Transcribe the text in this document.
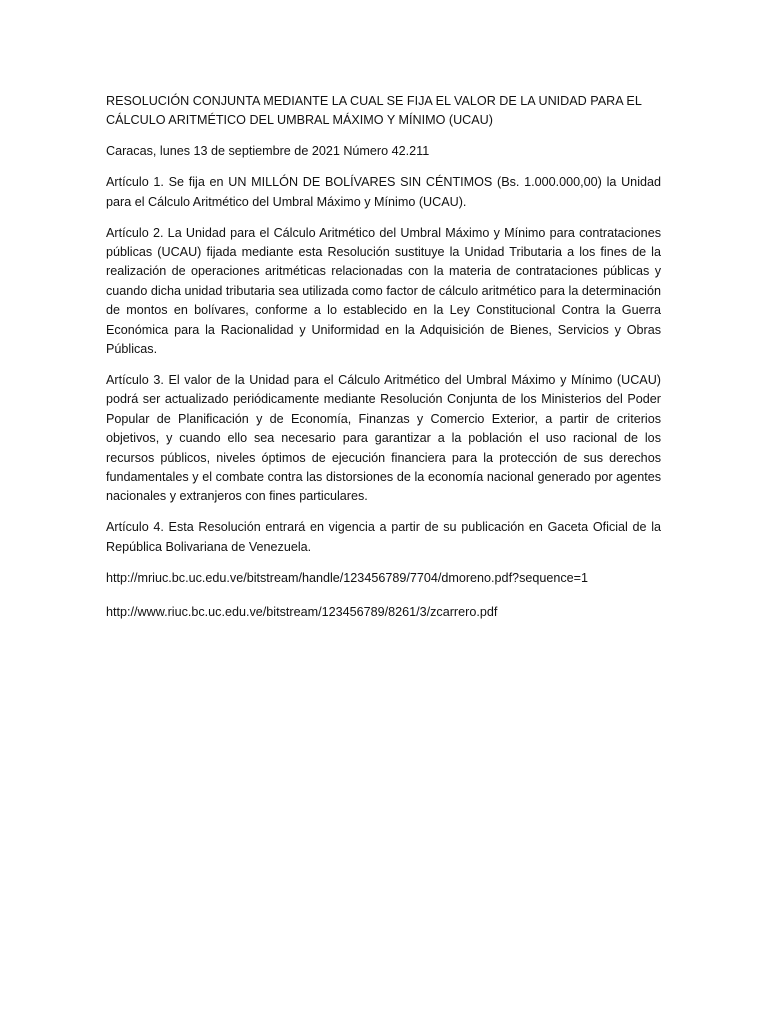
RESOLUCIÓN CONJUNTA MEDIANTE LA CUAL SE FIJA EL VALOR DE LA UNIDAD PARA EL CÁLCULO ARITMÉTICO DEL UMBRAL MÁXIMO Y MÍNIMO (UCAU)

Caracas, lunes 13 de septiembre de 2021 Número 42.211

Artículo 1. Se fija en UN MILLÓN DE BOLÍVARES SIN CÉNTIMOS (Bs. 1.000.000,00) la Unidad para el Cálculo Aritmético del Umbral Máximo y Mínimo (UCAU).

Artículo 2. La Unidad para el Cálculo Aritmético del Umbral Máximo y Mínimo para contrataciones públicas (UCAU) fijada mediante esta Resolución sustituye la Unidad Tributaria a los fines de la realización de operaciones aritméticas relacionadas con la materia de contrataciones públicas y cuando dicha unidad tributaria sea utilizada como factor de cálculo aritmético para la determinación de montos en bolívares, conforme a lo establecido en la Ley Constitucional Contra la Guerra Económica para la Racionalidad y Uniformidad en la Adquisición de Bienes, Servicios y Obras Públicas.

Artículo 3. El valor de la Unidad para el Cálculo Aritmético del Umbral Máximo y Mínimo (UCAU) podrá ser actualizado periódicamente mediante Resolución Conjunta de los Ministerios del Poder Popular de Planificación y de Economía, Finanzas y Comercio Exterior, a partir de criterios objetivos, y cuando ello sea necesario para garantizar a la población el uso racional de los recursos públicos, niveles óptimos de ejecución financiera para la protección de sus derechos fundamentales y el combate contra las distorsiones de la economía nacional generado por agentes nacionales y extranjeros con fines particulares.

Artículo 4. Esta Resolución entrará en vigencia a partir de su publicación en Gaceta Oficial de la República Bolivariana de Venezuela.

http://mriuc.bc.uc.edu.ve/bitstream/handle/123456789/7704/dmoreno.pdf?sequence=1
http://www.riuc.bc.uc.edu.ve/bitstream/123456789/8261/3/zcarrero.pdf
